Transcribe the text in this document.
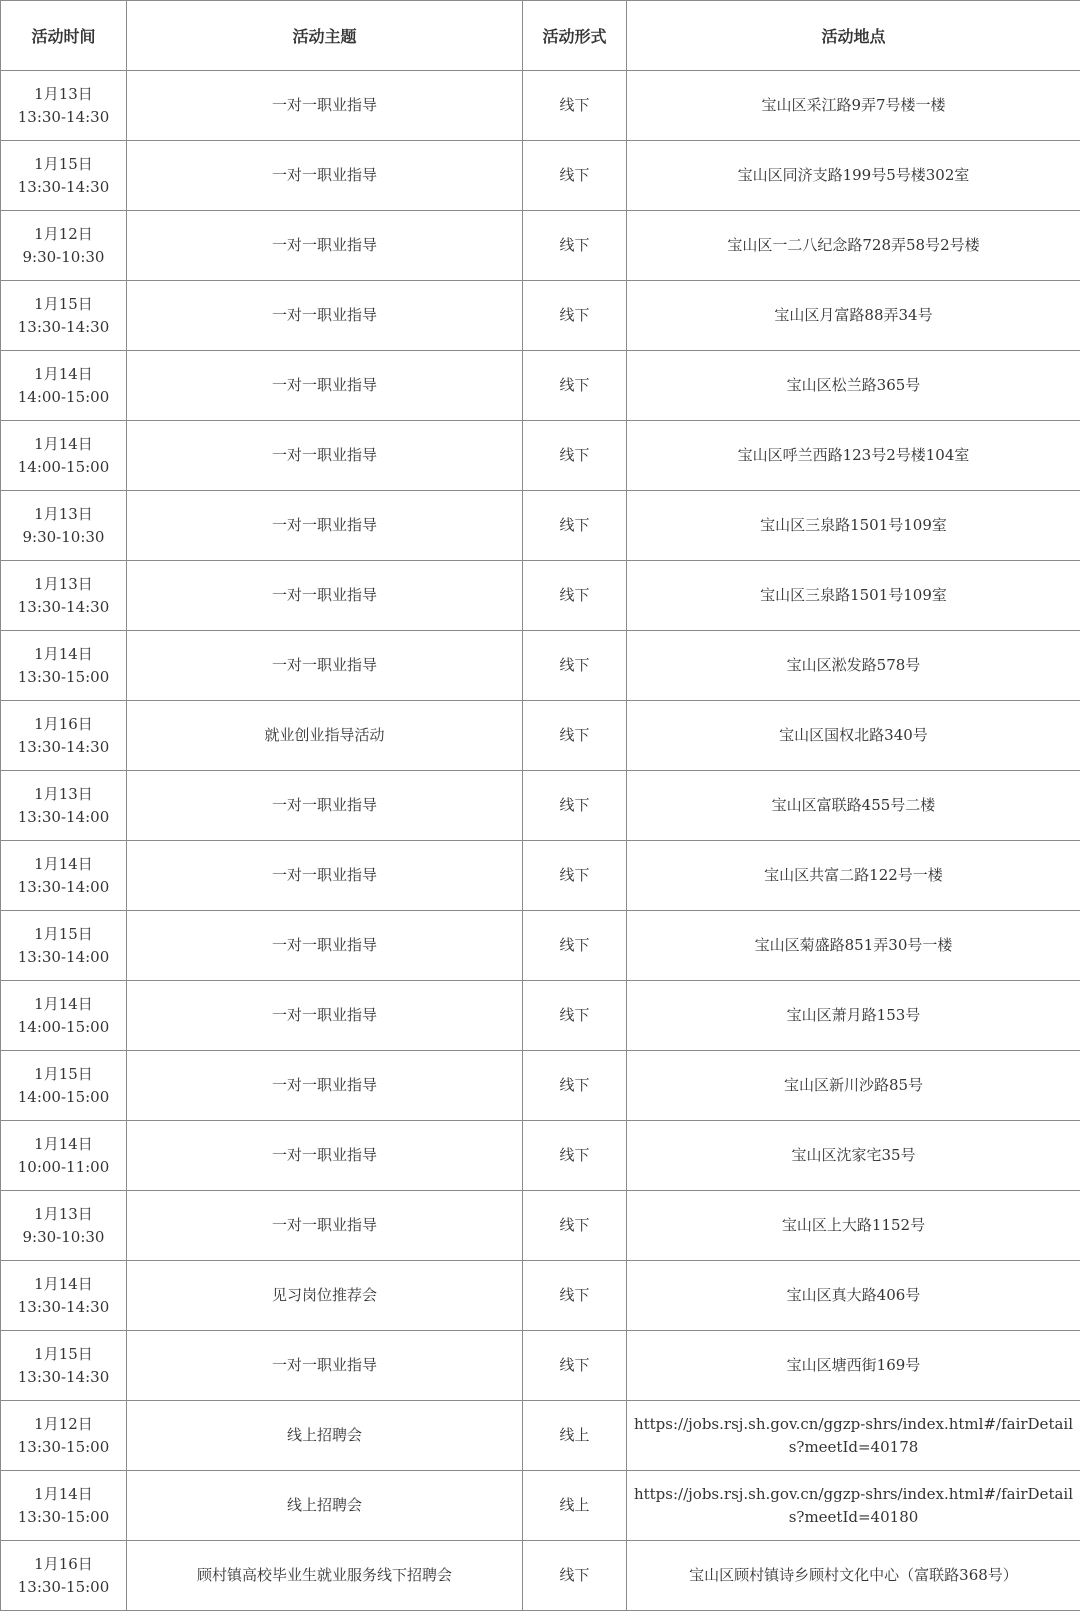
活动时间	活动主题	活动形式	活动地点

1月13日
13:30-14:30	一对一职业指导	线下	宝山区采江路9弄7号楼一楼

1月15日
13:30-14:30	一对一职业指导	线下	宝山区同济支路199号5号楼302室

1月12日
9:30-10:30	一对一职业指导	线下	宝山区一二八纪念路728弄58号2号楼

1月15日
13:30-14:30	一对一职业指导	线下	宝山区月富路88弄34号

1月14日
14:00-15:00	一对一职业指导	线下	宝山区松兰路365号

1月14日
14:00-15:00	一对一职业指导	线下	宝山区呼兰西路123号2号楼104室

1月13日
9:30-10:30	一对一职业指导	线下	宝山区三泉路1501号109室

1月13日
13:30-14:30	一对一职业指导	线下	宝山区三泉路1501号109室

1月14日
13:30-15:00	一对一职业指导	线下	宝山区淞发路578号

1月16日
13:30-14:30	就业创业指导活动	线下	宝山区国权北路340号

1月13日
13:30-14:00	一对一职业指导	线下	宝山区富联路455号二楼

1月14日
13:30-14:00	一对一职业指导	线下	宝山区共富二路122号一楼

1月15日
13:30-14:00	一对一职业指导	线下	宝山区菊盛路851弄30号一楼

1月14日
14:00-15:00	一对一职业指导	线下	宝山区萧月路153号

1月15日
14:00-15:00	一对一职业指导	线下	宝山区新川沙路85号

1月14日
10:00-11:00	一对一职业指导	线下	宝山区沈家宅35号

1月13日
9:30-10:30	一对一职业指导	线下	宝山区上大路1152号

1月14日
13:30-14:30	见习岗位推荐会	线下	宝山区真大路406号

1月15日
13:30-14:30	一对一职业指导	线下	宝山区塘西街169号

1月12日
13:30-15:00	线上招聘会	线上	https://jobs.rsj.sh.gov.cn/ggzp-shrs/index.html#/fairDetails?meetId=40178

1月14日
13:30-15:00	线上招聘会	线上	https://jobs.rsj.sh.gov.cn/ggzp-shrs/index.html#/fairDetails?meetId=40180

1月16日
13:30-15:00	顾村镇高校毕业生就业服务线下招聘会	线下	宝山区顾村镇诗乡顾村文化中心（富联路368号）
